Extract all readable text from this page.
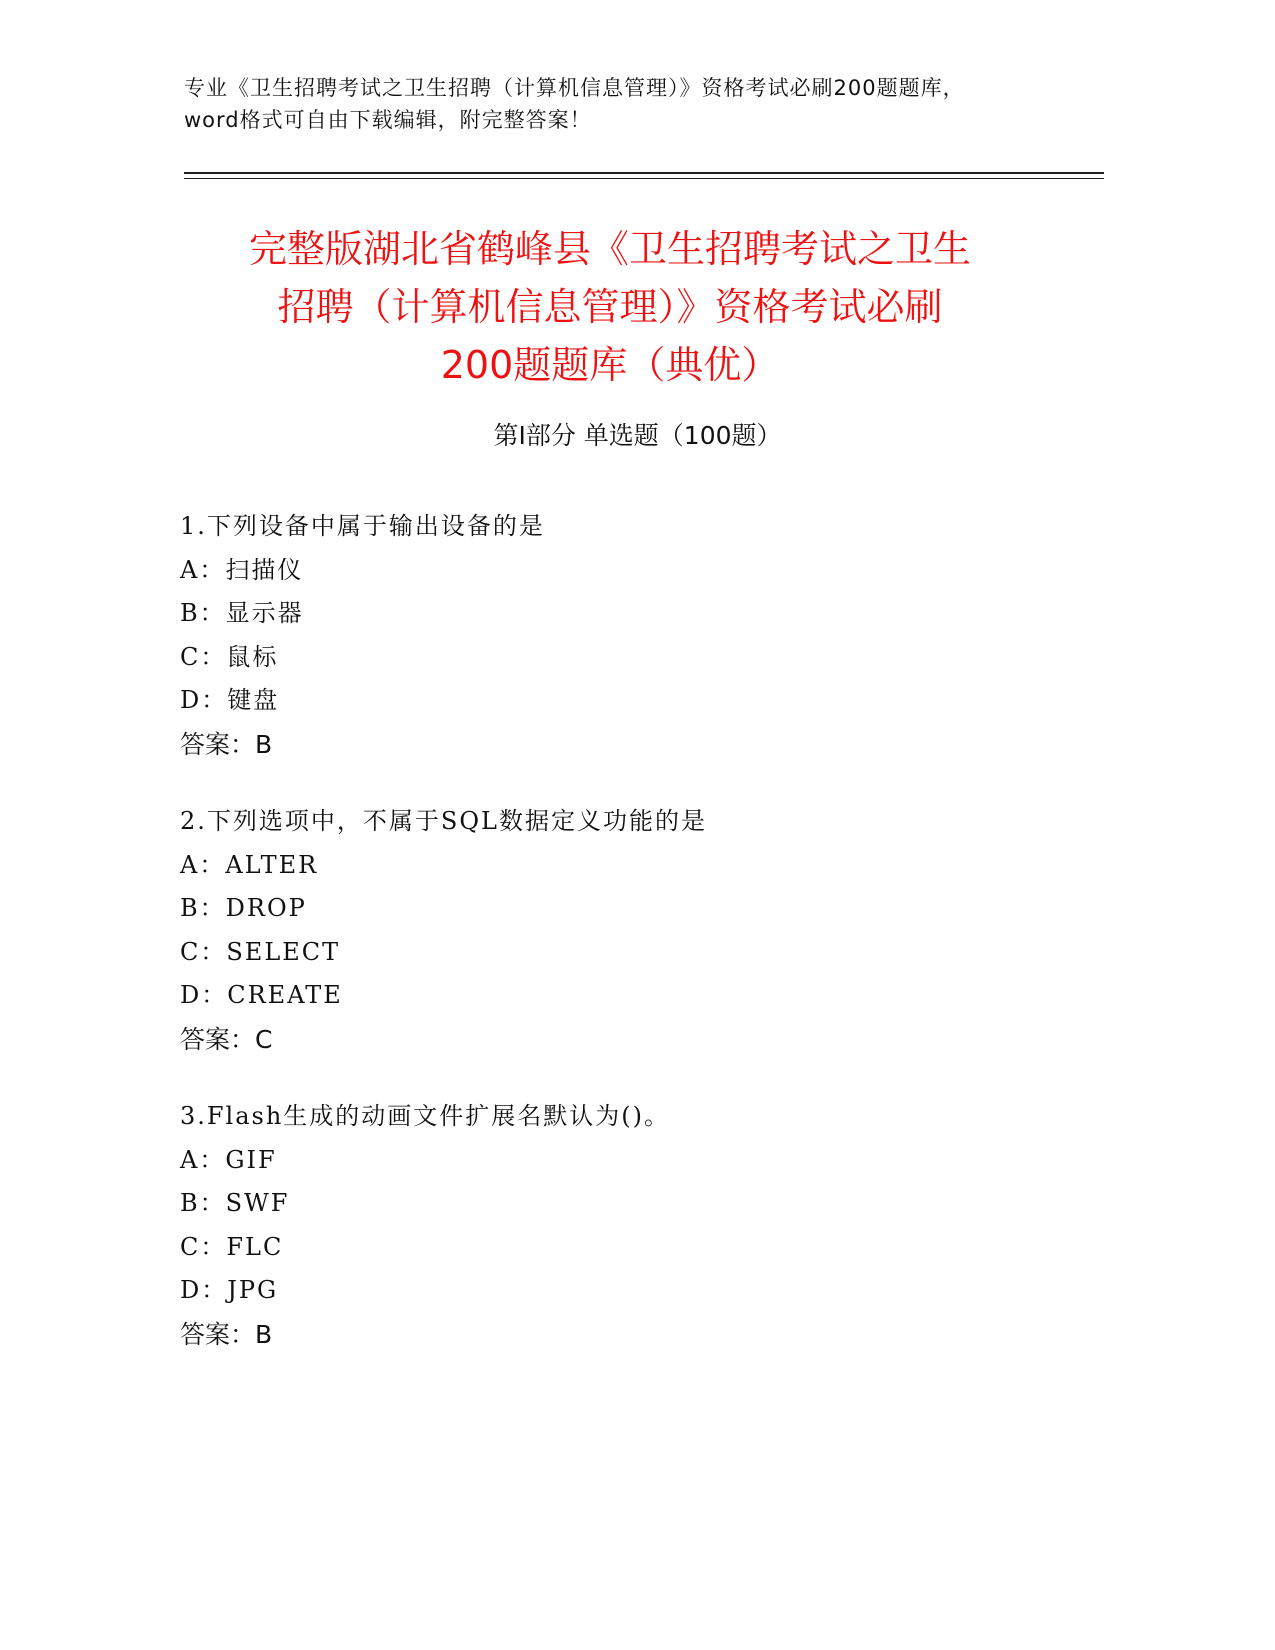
专业《卫生招聘考试之卫生招聘（计算机信息管理）》资格考试必刷200题题库，
word格式可自由下载编辑，附完整答案！
完整版湖北省鹤峰县《卫生招聘考试之卫生
招聘（计算机信息管理）》资格考试必刷
200题题库（典优）
第Ⅰ部分 单选题（100题）
1.下列设备中属于输出设备的是
A：扫描仪
B：显示器
C：鼠标
D：键盘
答案：B
2.下列选项中，不属于SQL数据定义功能的是
A：ALTER
B：DROP
C：SELECT
D：CREATE
答案：C
3.Flash生成的动画文件扩展名默认为()。
A：GIF
B：SWF
C：FLC
D：JPG
答案：B
